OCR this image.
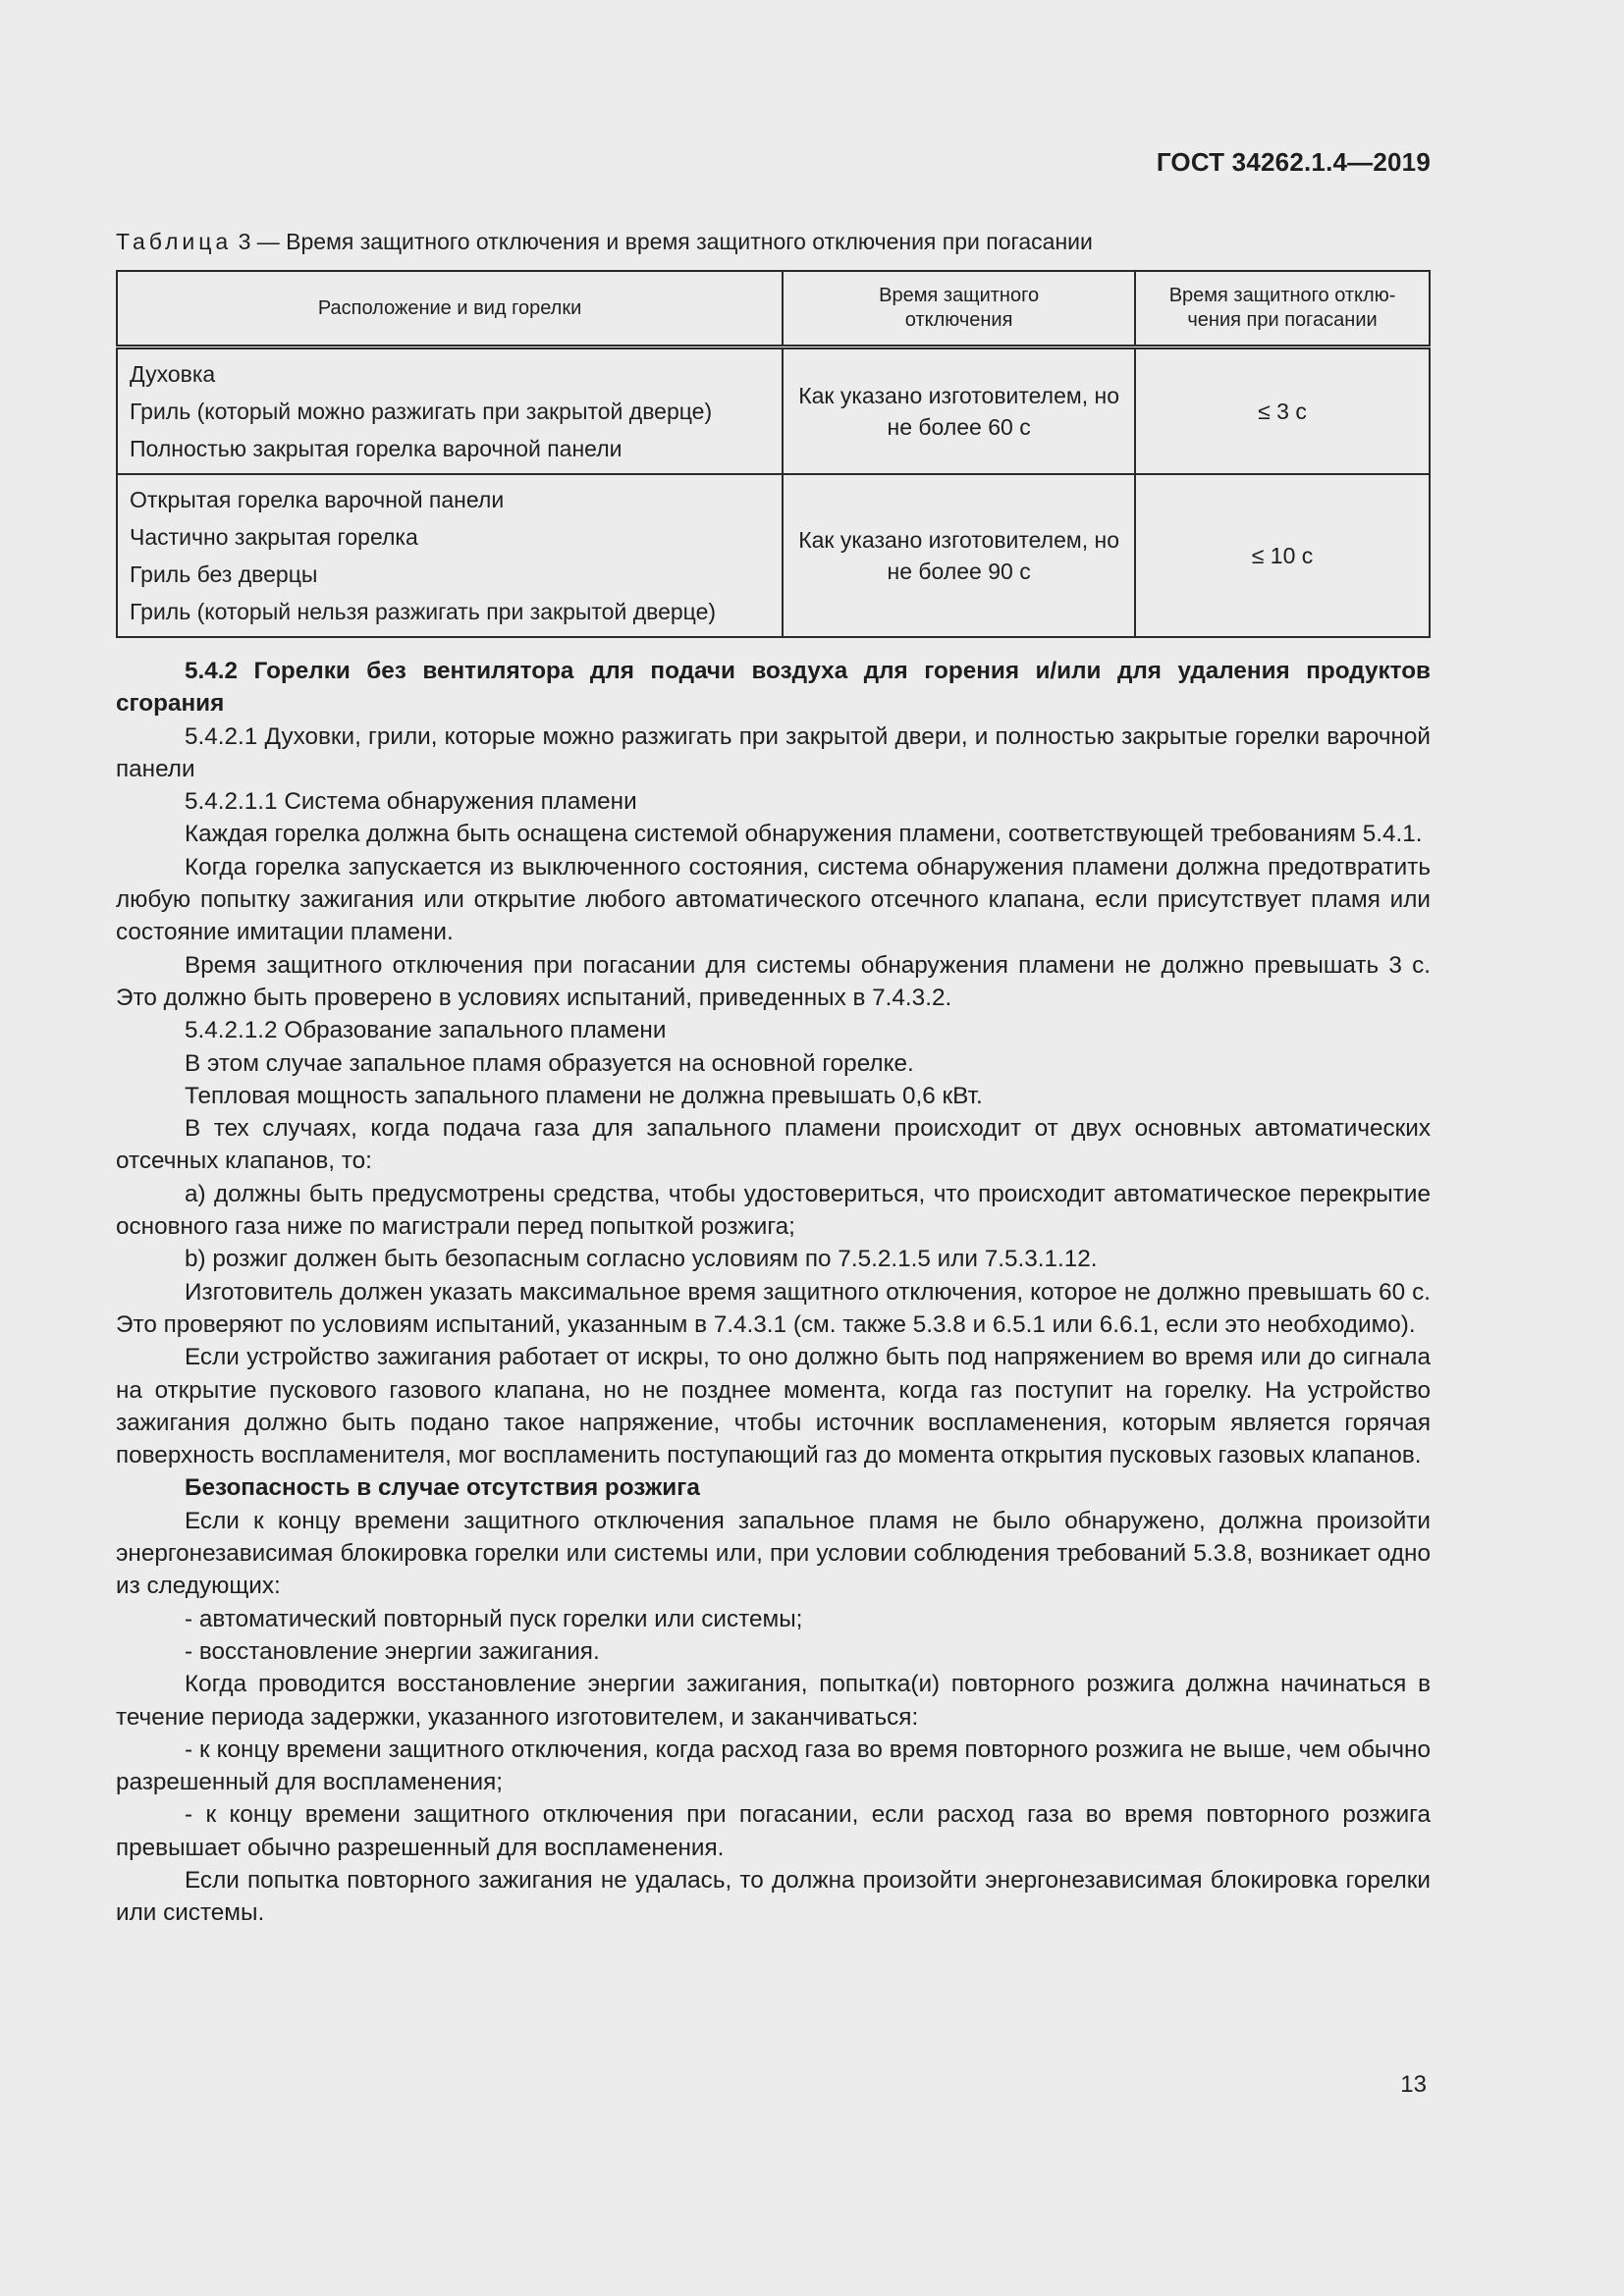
ГОСТ 34262.1.4—2019
Таблица 3 — Время защитного отключения и время защитного отключения при погасании
Расположение и вид горелки	Время защитного отключения	Время защитного отклю-чения при погасании

Духовка
Гриль (который можно разжигать при закрытой дверце)
Полностью закрытая горелка варочной панели	Как указано изготовителем, но не более 60 с	≤ 3 с

Открытая горелка варочной панели
Частично закрытая горелка
Гриль без дверцы
Гриль (который нельзя разжигать при закрытой дверце)	Как указано изготовителем, но не более 90 с	≤ 10 с

5.4.2 Горелки без вентилятора для подачи воздуха для горения и/или для удаления продуктов сгорания

5.4.2.1 Духовки, грили, которые можно разжигать при закрытой двери, и полностью закрытые горелки варочной панели

5.4.2.1.1 Система обнаружения пламени

Каждая горелка должна быть оснащена системой обнаружения пламени, соответствующей требованиям 5.4.1.

Когда горелка запускается из выключенного состояния, система обнаружения пламени должна предотвратить любую попытку зажигания или открытие любого автоматического отсечного клапана, если присутствует пламя или состояние имитации пламени.

Время защитного отключения при погасании для системы обнаружения пламени не должно превышать 3 с. Это должно быть проверено в условиях испытаний, приведенных в 7.4.3.2.

5.4.2.1.2 Образование запального пламени

В этом случае запальное пламя образуется на основной горелке.

Тепловая мощность запального пламени не должна превышать 0,6 кВт.

В тех случаях, когда подача газа для запального пламени происходит от двух основных автоматических отсечных клапанов, то:

a) должны быть предусмотрены средства, чтобы удостовериться, что происходит автоматическое перекрытие основного газа ниже по магистрали перед попыткой розжига;

b) розжиг должен быть безопасным согласно условиям по 7.5.2.1.5 или 7.5.3.1.12.

Изготовитель должен указать максимальное время защитного отключения, которое не должно превышать 60 с. Это проверяют по условиям испытаний, указанным в 7.4.3.1 (см. также 5.3.8 и 6.5.1 или 6.6.1, если это необходимо).

Если устройство зажигания работает от искры, то оно должно быть под напряжением во время или до сигнала на открытие пускового газового клапана, но не позднее момента, когда газ поступит на горелку. На устройство зажигания должно быть подано такое напряжение, чтобы источник воспламенения, которым является горячая поверхность воспламенителя, мог воспламенить поступающий газ до момента открытия пусковых газовых клапанов.

Безопасность в случае отсутствия розжига

Если к концу времени защитного отключения запальное пламя не было обнаружено, должна произойти энергонезависимая блокировка горелки или системы или, при условии соблюдения требований 5.3.8, возникает одно из следующих:

- автоматический повторный пуск горелки или системы;

- восстановление энергии зажигания.

Когда проводится восстановление энергии зажигания, попытка(и) повторного розжига должна начинаться в течение периода задержки, указанного изготовителем, и заканчиваться:

- к концу времени защитного отключения, когда расход газа во время повторного розжига не выше, чем обычно разрешенный для воспламенения;

- к концу времени защитного отключения при погасании, если расход газа во время повторного розжига превышает обычно разрешенный для воспламенения.

Если попытка повторного зажигания не удалась, то должна произойти энергонезависимая блокировка горелки или системы.

13
